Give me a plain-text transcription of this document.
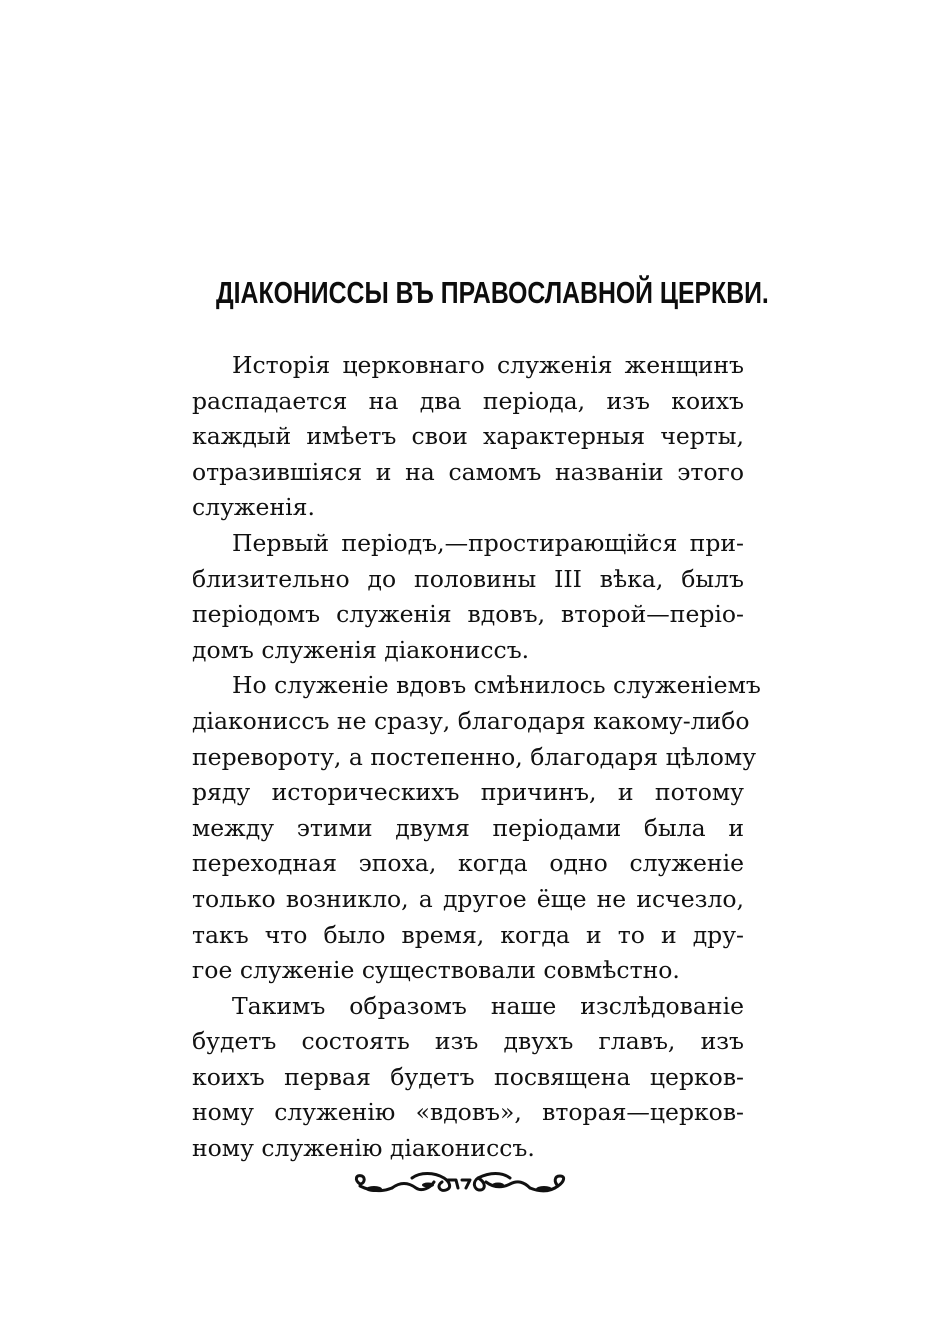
ДІАКОНИССЫ ВЪ ПРАВОСЛАВНОЙ ЦЕРКВИ.
Исторія церковнаго служенія женщинъ
распадается на два періода, изъ коихъ
каждый имѣетъ свои характерныя черты,
отразившіяся и на самомъ названіи этого
служенія.
Первый періодъ,—простирающійся при-
близительно до половины III вѣка, былъ
періодомъ служенія вдовъ, второй—періо-
домъ служенія діакониссъ.
Но служеніе вдовъ смѣнилось служеніемъ
діакониссъ не сразу, благодаря какому-либо
перевороту, а постепенно, благодаря цѣлому
ряду историческихъ причинъ, и потому
между этими двумя періодами была и
переходная эпоха, когда одно служеніе
только возникло, а другое ёще не исчезло,
такъ что было время, когда и то и дру-
гое служеніе существовали совмѣстно.
Такимъ образомъ наше изслѣдованіе
будетъ состоять изъ двухъ главъ, изъ
коихъ первая будетъ посвящена церков-
ному служенію «вдовъ», вторая—церков-
ному служенію діакониссъ.
